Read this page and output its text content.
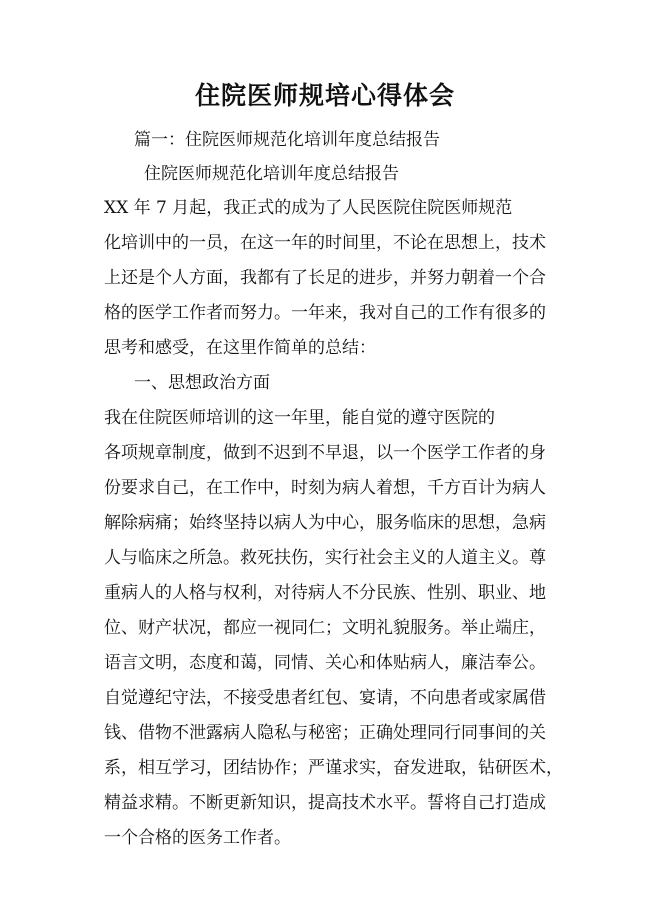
住院医师规培心得体会

篇一：住院医师规范化培训年度总结报告

住院医师规范化培训年度总结报告

XX 年 7 月起，我正式的成为了人民医院住院医师规范

化培训中的一员，在这一年的时间里，不论在思想上，技术

上还是个人方面，我都有了长足的进步，并努力朝着一个合

格的医学工作者而努力。一年来，我对自己的工作有很多的

思考和感受，在这里作简单的总结：

一、思想政治方面

我在住院医师培训的这一年里，能自觉的遵守医院的

各项规章制度，做到不迟到不早退，以一个医学工作者的身

份要求自己，在工作中，时刻为病人着想，千方百计为病人

解除病痛；始终坚持以病人为中心，服务临床的思想，急病

人与临床之所急。救死扶伤，实行社会主义的人道主义。尊

重病人的人格与权利，对待病人不分民族、性别、职业、地

位、财产状况，都应一视同仁；文明礼貌服务。举止端庄，

语言文明，态度和蔼，同情、关心和体贴病人，廉洁奉公。

自觉遵纪守法，不接受患者红包、宴请，不向患者或家属借

钱、借物不泄露病人隐私与秘密；正确处理同行同事间的关

系，相互学习，团结协作；严谨求实，奋发进取，钻研医术，

精益求精。不断更新知识，提高技术水平。誓将自己打造成

一个合格的医务工作者。
